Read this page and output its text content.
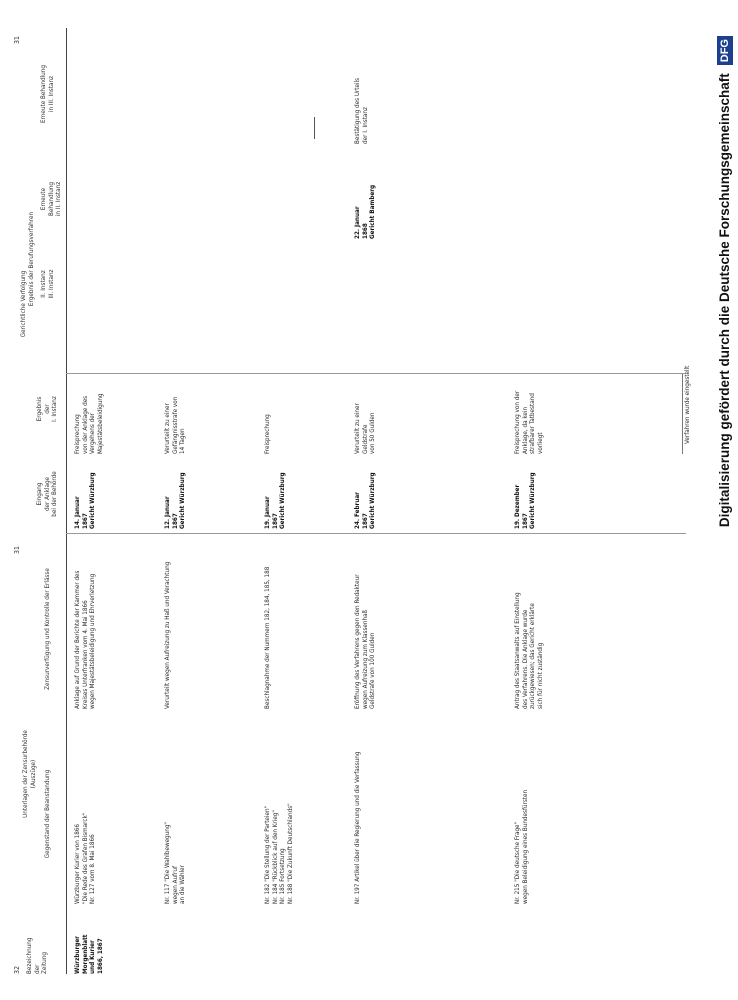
32
31
31
Bezeichnung
der
Zeitung
Unterlagen der Zensurbehörde
(Auszüge) Gegenstand der Beanstandung
Zensurverfügung und Kontrolle der Erlässe
Gerichtliche Verfolgung
Eingang
der Anklage
bei der Behörde
Ergebnis
der
I. Instanz
Ergebnis der Berufungsverfahren II. Instanz
III. Instanz
Erneute
Behandlung
in II. Instanz
Erneute Behandlung
in III. Instanz
Würzburger Morgenblatt
und Kurier
1866, 1867
Würzburger Kurier von 1866
"Die Rede des Grafen Bismarck"
Nr. 127 vom 8. Mai 1866
Anklage auf Grund der Berichte der Kammer des
Kreises Unterfranken vom 4. Mai 1866
wegen Majestätsbeleidigung und Ehrverletzung
14. Januar
1867
Gericht Würzburg
Freisprechung
von der Anklage des
Vergehens der Majestätsbeleidigung
Nr. 117 "Die Wahlbewegung"
wegen Aufruf
an die Wähler
Verurteilt wegen Aufreizung zu Haß und Verachtung
12. Januar
1867
Gericht Würzburg
Verurteilt zu einer
Gefängnisstrafe von
14 Tagen
Nr. 182 "Die Stellung der Parteien"
Nr. 184 "Rückblick auf den Krieg"
Nr. 185 Fortsetzung
Nr. 188 "Die Zukunft Deutschlands"
Beschlagnahme der Nummern 182, 184, 185, 188
19. Januar
1867
Gericht Würzburg
Freisprechung
Nr. 197 Artikel über die Regierung und die Verfassung
Eröffnung des Verfahrens gegen den Redakteur
wegen Aufreizung zum Klassenhaß
Geldstrafe von 100 Gulden
24. Februar
1867
Gericht Würzburg
Verurteilt zu einer Geldstrafe
von 50 Gulden
22. Januar
1868
Gericht Bamberg
Bestätigung des Urteils
der I. Instanz
Nr. 215 "Die deutsche Frage"
wegen Beleidigung eines Bundesfürsten
Antrag des Staatsanwalts auf Einstellung
des Verfahrens. Die Anklage wurde
zurückgewiesen; das Gericht erklärte
sich für nicht zuständig
19. Dezember
1867
Gericht Würzburg
Freisprechung von der
Anklage, da kein
strafbarer Tatbestand
vorliegt	Verfahren wurde eingestellt Digitalisierung gefördert durch die Deutsche Forschungsgemeinschaft
DFG
